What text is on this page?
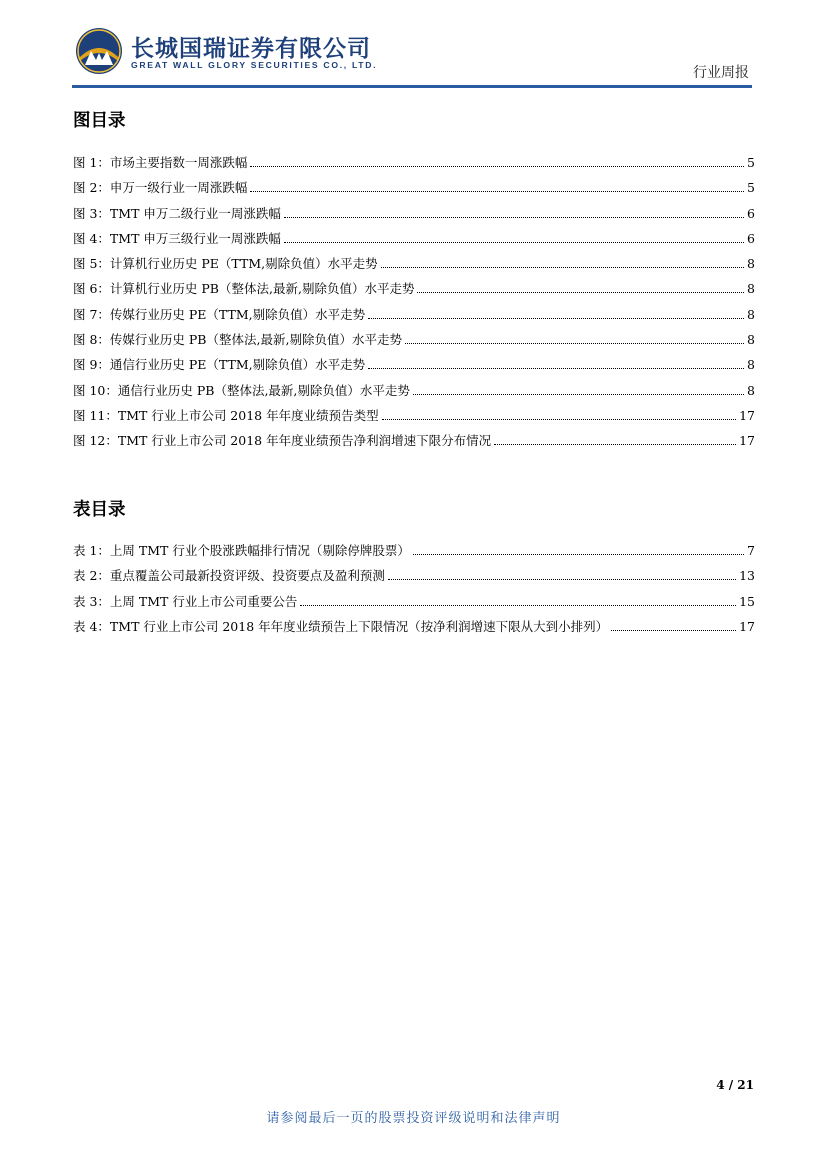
长城国瑞证券有限公司
GREAT WALL GLORY SECURITIES CO., LTD.	行业周报
图目录
图 1：市场主要指数一周涨跌幅	5
图 2：申万一级行业一周涨跌幅	5
图 3：TMT 申万二级行业一周涨跌幅	6
图 4：TMT 申万三级行业一周涨跌幅	6
图 5：计算机行业历史 PE（TTM,剔除负值）水平走势	8
图 6：计算机行业历史 PB（整体法,最新,剔除负值）水平走势	8
图 7：传媒行业历史 PE（TTM,剔除负值）水平走势	8
图 8：传媒行业历史 PB（整体法,最新,剔除负值）水平走势	8
图 9：通信行业历史 PE（TTM,剔除负值）水平走势	8
图 10：通信行业历史 PB（整体法,最新,剔除负值）水平走势	8
图 11：TMT 行业上市公司 2018 年年度业绩预告类型	17
图 12：TMT 行业上市公司 2018 年年度业绩预告净利润增速下限分布情况	17
表目录
表 1：上周 TMT 行业个股涨跌幅排行情况（剔除停牌股票）	7
表 2：重点覆盖公司最新投资评级、投资要点及盈利预测	13
表 3：上周 TMT 行业上市公司重要公告	15
表 4：TMT 行业上市公司 2018 年年度业绩预告上下限情况（按净利润增速下限从大到小排列）	17
4 / 21
请参阅最后一页的股票投资评级说明和法律声明
